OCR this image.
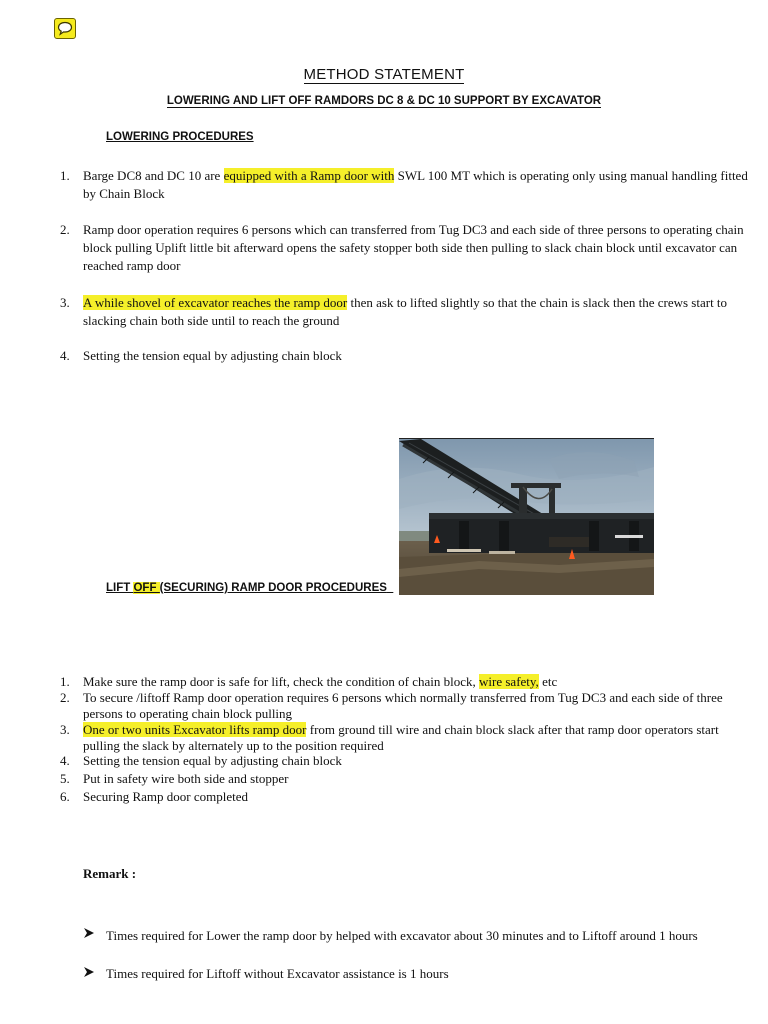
METHOD STATEMENT
LOWERING AND LIFT OFF RAMDORS DC 8 & DC 10 SUPPORT BY EXCAVATOR
LOWERING PROCEDURES
1. Barge DC8 and DC 10 are equipped with a Ramp door with SWL 100 MT which is operating only using manual handling fitted by Chain Block
2. Ramp door operation requires 6 persons which can transferred from Tug DC3 and each side of three persons to operating chain block pulling Uplift little bit afterward opens the safety stopper both side then pulling to slack chain block until excavator can reached ramp door
3. A while shovel of excavator reaches the ramp door then ask to lifted slightly so that the chain is slack then the crews start to slacking chain both side until to reach the ground
4. Setting the tension equal by adjusting chain block
LIFT OFF (SECURING) RAMP DOOR PROCEDURES
1. Make sure the ramp door is safe for lift, check the condition of chain block, wire safety, etc
2. To secure /liftoff Ramp door operation requires 6 persons which normally transferred from Tug DC3 and each side of three persons to operating chain block pulling
3. One or two units Excavator lifts ramp door from ground till wire and chain block slack after that ramp door operators start pulling the slack by alternately up to the position required
4. Setting the tension equal by adjusting chain block
5. Put in safety wire both side and stopper
6. Securing Ramp door completed
Remark :
Times required for Lower the ramp door by helped with excavator about 30 minutes and to Liftoff around 1 hours
Times required for Liftoff without Excavator assistance is 1 hours
